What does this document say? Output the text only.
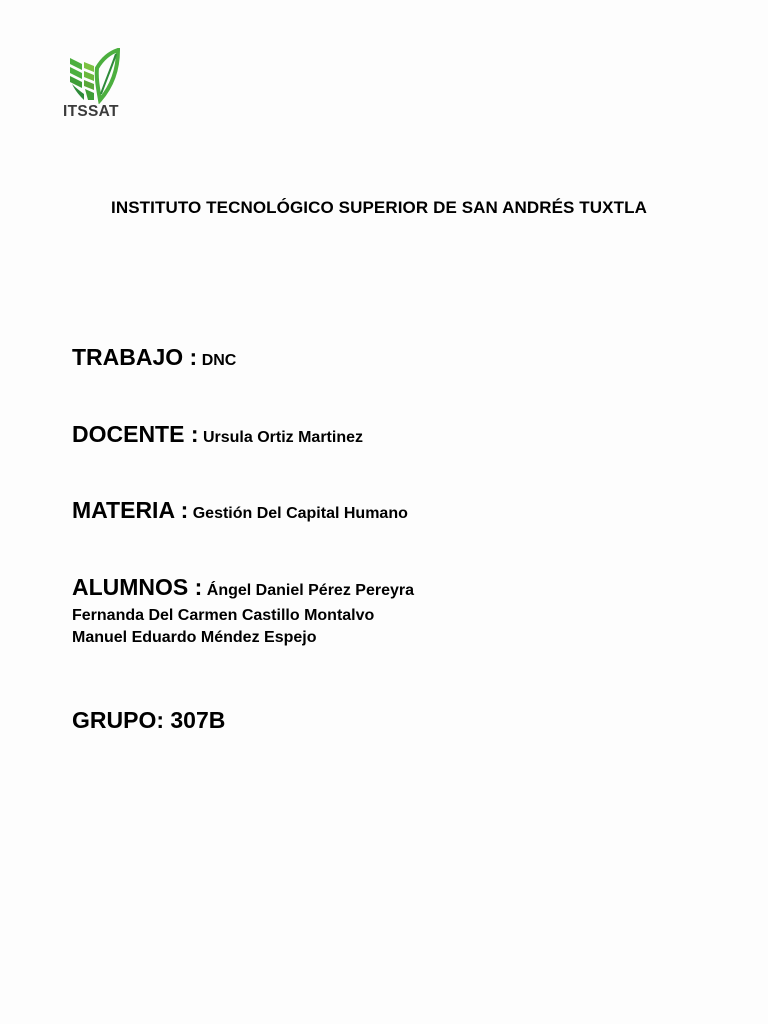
ITSSAT
INSTITUTO TECNOLÓGICO SUPERIOR DE SAN ANDRÉS TUXTLA
TRABAJO : DNC
DOCENTE : Ursula Ortiz Martinez
MATERIA : Gestión Del Capital Humano
ALUMNOS : Ángel Daniel Pérez Pereyra
Fernanda Del Carmen Castillo Montalvo
Manuel Eduardo Méndez Espejo
GRUPO: 307B
